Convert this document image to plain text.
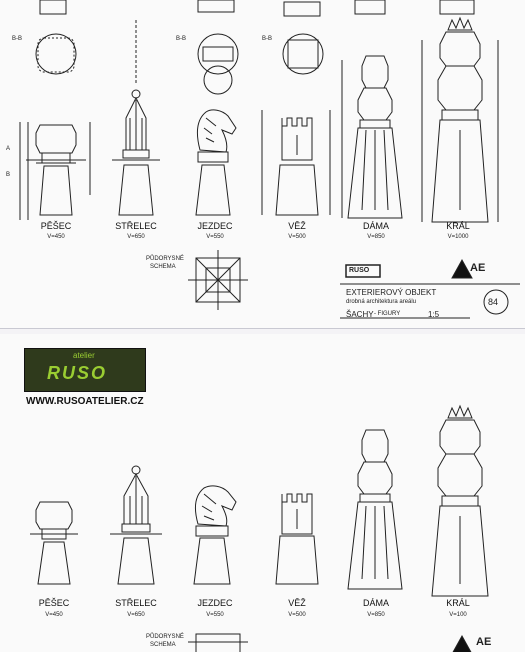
B-B	B-B	B-B
A
B
PĚŠEC
V=450
STŘELEC
V=650
JEZDEC
V=550
VĚŽ
V=500
DÁMA
V=850
KRÁL
V=1000
PŮDORYSNÉ
SCHEMA	RUSO	AE
EXTERIEROVÝ OBJEKT
drobná architektura areálu
ŠACHY - FIGURY	1:5
84
atelier
RUSO
WWW.RUSOATELIER.CZ
PĚŠEC
V=450
STŘELEC
V=650
JEZDEC
V=550
VĚŽ
V=500
DÁMA
V=850
KRÁL
V=100
PŮDORYSNÉ
SCHEMA	AE
